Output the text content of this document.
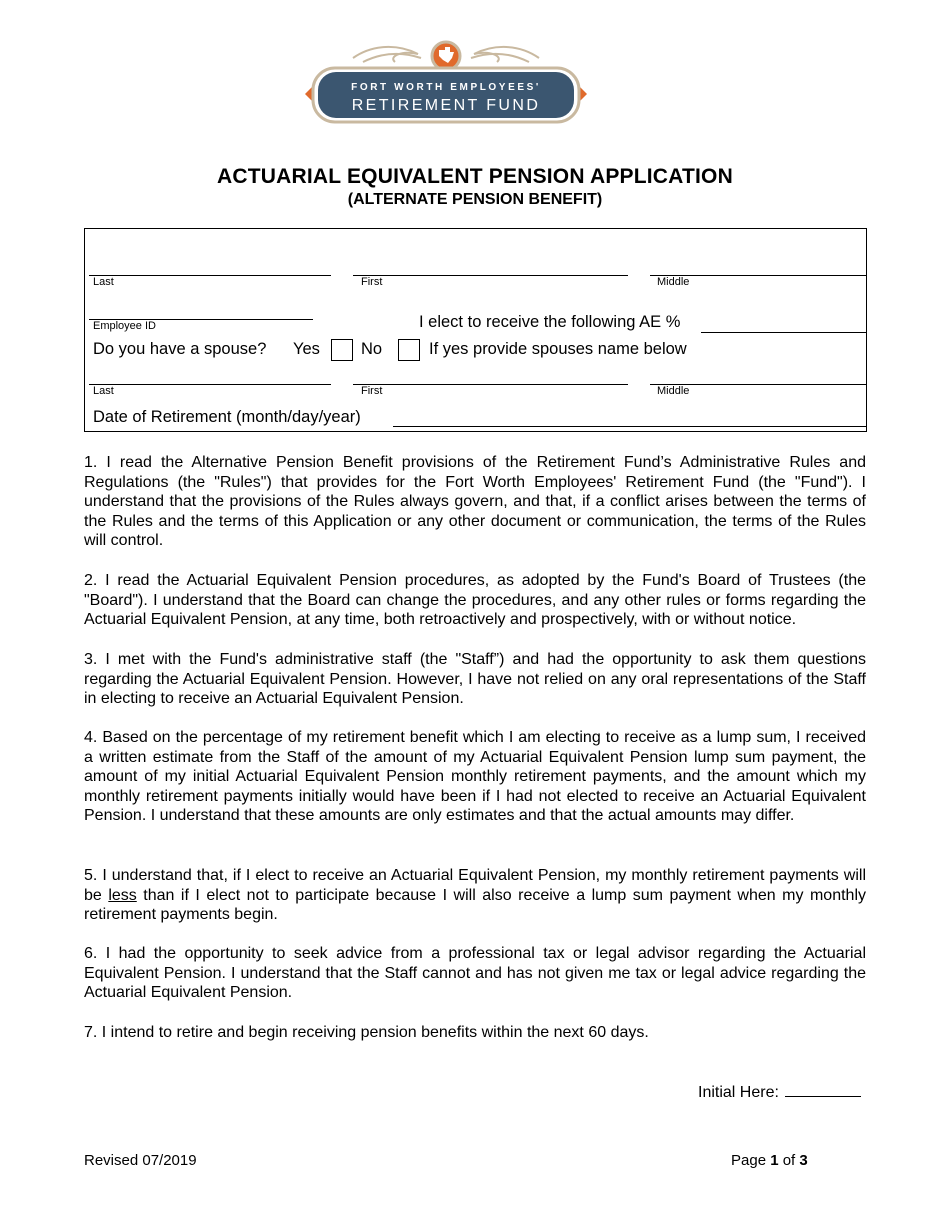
FORT WORTH EMPLOYEES'
RETIREMENT FUND
ACTUARIAL EQUIVALENT PENSION APPLICATION
(ALTERNATE PENSION BENEFIT)
Last	First	Middle
Employee ID	I elect to receive the following AE %
Do you have a spouse? Yes No	If yes provide spouses name below
Last	First	Middle
Date of Retirement (month/day/year)
1. I read the Alternative Pension Benefit provisions of the Retirement Fund’s Administrative Rules and Regulations (the "Rules") that provides for the Fort Worth Employees' Retirement Fund (the "Fund"). I understand that the provisions of the Rules always govern, and that, if a conflict arises between the terms of the Rules and the terms of this Application or any other document or communication, the terms of the Rules will control.
2. I read the Actuarial Equivalent Pension procedures, as adopted by the Fund's Board of Trustees (the "Board"). I understand that the Board can change the procedures, and any other rules or forms regarding the Actuarial Equivalent Pension, at any time, both retroactively and prospectively, with or without notice.
3. I met with the Fund's administrative staff (the "Staff”) and had the opportunity to ask them questions regarding the Actuarial Equivalent Pension. However, I have not relied on any oral representations of the Staff in electing to receive an Actuarial Equivalent Pension.
4. Based on the percentage of my retirement benefit which I am electing to receive as a lump sum, I received a written estimate from the Staff of the amount of my Actuarial Equivalent Pension lump sum payment, the amount of my initial Actuarial Equivalent Pension monthly retirement payments, and the amount which my monthly retirement payments initially would have been if I had not elected to receive an Actuarial Equivalent Pension. I understand that these amounts are only estimates and that the actual amounts may differ.
5. I understand that, if I elect to receive an Actuarial Equivalent Pension, my monthly retirement payments will be less than if I elect not to participate because I will also receive a lump sum payment when my monthly retirement payments begin.
6. I had the opportunity to seek advice from a professional tax or legal advisor regarding the Actuarial Equivalent Pension. I understand that the Staff cannot and has not given me tax or legal advice regarding the Actuarial Equivalent Pension.
7. I intend to retire and begin receiving pension benefits within the next 60 days.
Initial Here:
Revised 07/2019	Page 1 of 3
